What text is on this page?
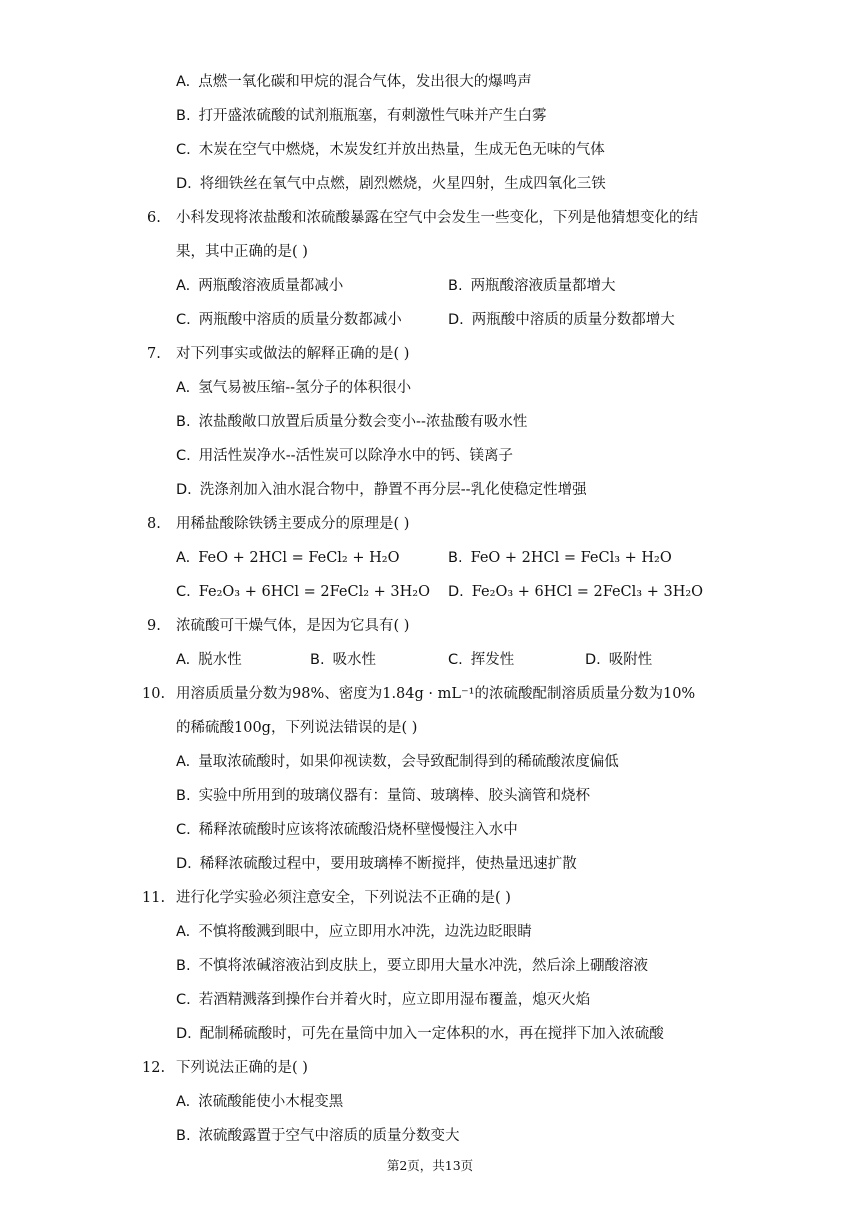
A. 点燃一氧化碳和甲烷的混合气体，发出很大的爆鸣声
B. 打开盛浓硫酸的试剂瓶瓶塞，有刺激性气味并产生白雾
C. 木炭在空气中燃烧，木炭发红并放出热量，生成无色无味的气体
D. 将细铁丝在氧气中点燃，剧烈燃烧，火星四射，生成四氧化三铁
6. 小科发现将浓盐酸和浓硫酸暴露在空气中会发生一些变化，下列是他猜想变化的结
果，其中正确的是( )
A. 两瓶酸溶液质量都减小	B. 两瓶酸溶液质量都增大
C. 两瓶酸中溶质的质量分数都减小	D. 两瓶酸中溶质的质量分数都增大
7. 对下列事实或做法的解释正确的是( )
A. 氢气易被压缩--氢分子的体积很小
B. 浓盐酸敞口放置后质量分数会变小--浓盐酸有吸水性
C. 用活性炭净水--活性炭可以除净水中的钙、镁离子
D. 洗涤剂加入油水混合物中，静置不再分层--乳化使稳定性增强
8. 用稀盐酸除铁锈主要成分的原理是( )
A. FeO + 2HCl = FeCl₂ + H₂O	B. FeO + 2HCl = FeCl₃ + H₂O
C. Fe₂O₃ + 6HCl = 2FeCl₂ + 3H₂O D. Fe₂O₃ + 6HCl = 2FeCl₃ + 3H₂O
9. 浓硫酸可干燥气体，是因为它具有( )
A. 脱水性	B. 吸水性	C. 挥发性	D. 吸附性
10. 用溶质质量分数为98%、密度为1.84g · mL⁻¹的浓硫酸配制溶质质量分数为10%
的稀硫酸100g，下列说法错误的是( )
A. 量取浓硫酸时，如果仰视读数，会导致配制得到的稀硫酸浓度偏低
B. 实验中所用到的玻璃仪器有：量筒、玻璃棒、胶头滴管和烧杯
C. 稀释浓硫酸时应该将浓硫酸沿烧杯壁慢慢注入水中
D. 稀释浓硫酸过程中，要用玻璃棒不断搅拌，使热量迅速扩散
11. 进行化学实验必须注意安全，下列说法不正确的是( )
A. 不慎将酸溅到眼中，应立即用水冲洗，边洗边眨眼睛
B. 不慎将浓碱溶液沾到皮肤上，要立即用大量水冲洗，然后涂上硼酸溶液
C. 若酒精溅落到操作台并着火时，应立即用湿布覆盖，熄灭火焰
D. 配制稀硫酸时，可先在量筒中加入一定体积的水，再在搅拌下加入浓硫酸
12. 下列说法正确的是( )
A. 浓硫酸能使小木棍变黑
B. 浓硫酸露置于空气中溶质的质量分数变大
第2页，共13页
